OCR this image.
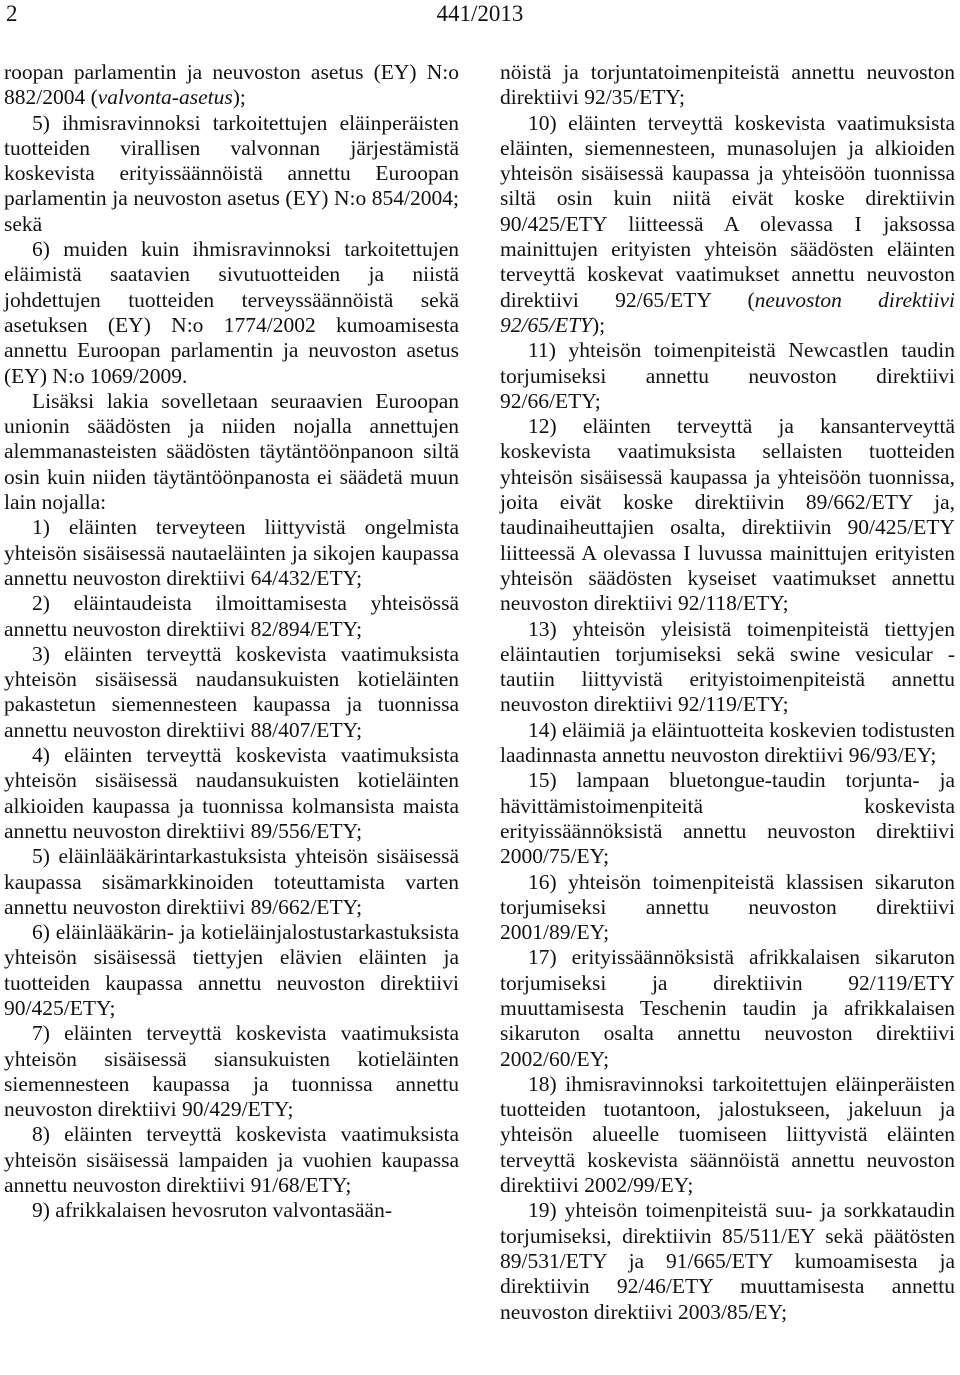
2	441/2013

roopan parlamentin ja neuvoston asetus (EY) N:o 882/2004 (valvonta-asetus);

5) ihmisravinnoksi tarkoitettujen eläinperäisten tuotteiden virallisen valvonnan järjestämistä koskevista erityissäännöistä annettu Euroopan parlamentin ja neuvoston asetus (EY) N:o 854/2004; sekä

6) muiden kuin ihmisravinnoksi tarkoitettujen eläimistä saatavien sivutuotteiden ja niistä johdettujen tuotteiden terveyssäännöistä sekä asetuksen (EY) N:o 1774/2002 kumoamisesta annettu Euroopan parlamentin ja neuvoston asetus (EY) N:o 1069/2009.

Lisäksi lakia sovelletaan seuraavien Euroopan unionin säädösten ja niiden nojalla annettujen alemmanasteisten säädösten täytäntöönpanoon siltä osin kuin niiden täytäntöönpanosta ei säädetä muun lain nojalla:

1) eläinten terveyteen liittyvistä ongelmista yhteisön sisäisessä nautaeläinten ja sikojen kaupassa annettu neuvoston direktiivi 64/432/ETY;

2) eläintaudeista ilmoittamisesta yhteisössä annettu neuvoston direktiivi 82/894/ETY;

3) eläinten terveyttä koskevista vaatimuksista yhteisön sisäisessä naudansukuisten kotieläinten pakastetun siemennesteen kaupassa ja tuonnissa annettu neuvoston direktiivi 88/407/ETY;

4) eläinten terveyttä koskevista vaatimuksista yhteisön sisäisessä naudansukuisten kotieläinten alkioiden kaupassa ja tuonnissa kolmansista maista annettu neuvoston direktiivi 89/556/ETY;

5) eläinlääkärintarkastuksista yhteisön sisäisessä kaupassa sisämarkkinoiden toteuttamista varten annettu neuvoston direktiivi 89/662/ETY;

6) eläinlääkärin- ja kotieläinjalostustarkastuksista yhteisön sisäisessä tiettyjen elävien eläinten ja tuotteiden kaupassa annettu neuvoston direktiivi 90/425/ETY;

7) eläinten terveyttä koskevista vaatimuksista yhteisön sisäisessä siansukuisten kotieläinten siemennesteen kaupassa ja tuonnissa annettu neuvoston direktiivi 90/429/ETY;

8) eläinten terveyttä koskevista vaatimuksista yhteisön sisäisessä lampaiden ja vuohien kaupassa annettu neuvoston direktiivi 91/68/ETY;

9) afrikkalaisen hevosruton valvontasään-

nöistä ja torjuntatoimenpiteistä annettu neuvoston direktiivi 92/35/ETY;

10) eläinten terveyttä koskevista vaatimuksista eläinten, siemennesteen, munasolujen ja alkioiden yhteisön sisäisessä kaupassa ja yhteisöön tuonnissa siltä osin kuin niitä eivät koske direktiivin 90/425/ETY liitteessä A olevassa I jaksossa mainittujen erityisten yhteisön säädösten eläinten terveyttä koskevat vaatimukset annettu neuvoston direktiivi 92/65/ETY (neuvoston direktiivi 92/65/ETY);

11) yhteisön toimenpiteistä Newcastlen taudin torjumiseksi annettu neuvoston direktiivi 92/66/ETY;

12) eläinten terveyttä ja kansanterveyttä koskevista vaatimuksista sellaisten tuotteiden yhteisön sisäisessä kaupassa ja yhteisöön tuonnissa, joita eivät koske direktiivin 89/662/ETY ja, taudinaiheuttajien osalta, direktiivin 90/425/ETY liitteessä A olevassa I luvussa mainittujen erityisten yhteisön säädösten kyseiset vaatimukset annettu neuvoston direktiivi 92/118/ETY;

13) yhteisön yleisistä toimenpiteistä tiettyjen eläintautien torjumiseksi sekä swine vesicular -tautiin liittyvistä erityistoimenpiteistä annettu neuvoston direktiivi 92/119/ETY;

14) eläimiä ja eläintuotteita koskevien todistusten laadinnasta annettu neuvoston direktiivi 96/93/EY;

15) lampaan bluetongue-taudin torjunta- ja hävittämistoimenpiteitä koskevista erityissäännöksistä annettu neuvoston direktiivi 2000/75/EY;

16) yhteisön toimenpiteistä klassisen sikaruton torjumiseksi annettu neuvoston direktiivi 2001/89/EY;

17) erityissäännöksistä afrikkalaisen sikaruton torjumiseksi ja direktiivin 92/119/ETY muuttamisesta Teschenin taudin ja afrikkalaisen sikaruton osalta annettu neuvoston direktiivi 2002/60/EY;

18) ihmisravinnoksi tarkoitettujen eläinperäisten tuotteiden tuotantoon, jalostukseen, jakeluun ja yhteisön alueelle tuomiseen liittyvistä eläinten terveyttä koskevista säännöistä annettu neuvoston direktiivi 2002/99/EY;

19) yhteisön toimenpiteistä suu- ja sorkkataudin torjumiseksi, direktiivin 85/511/EY sekä päätösten 89/531/ETY ja 91/665/ETY kumoamisesta ja direktiivin 92/46/ETY muuttamisesta annettu neuvoston direktiivi 2003/85/EY;
